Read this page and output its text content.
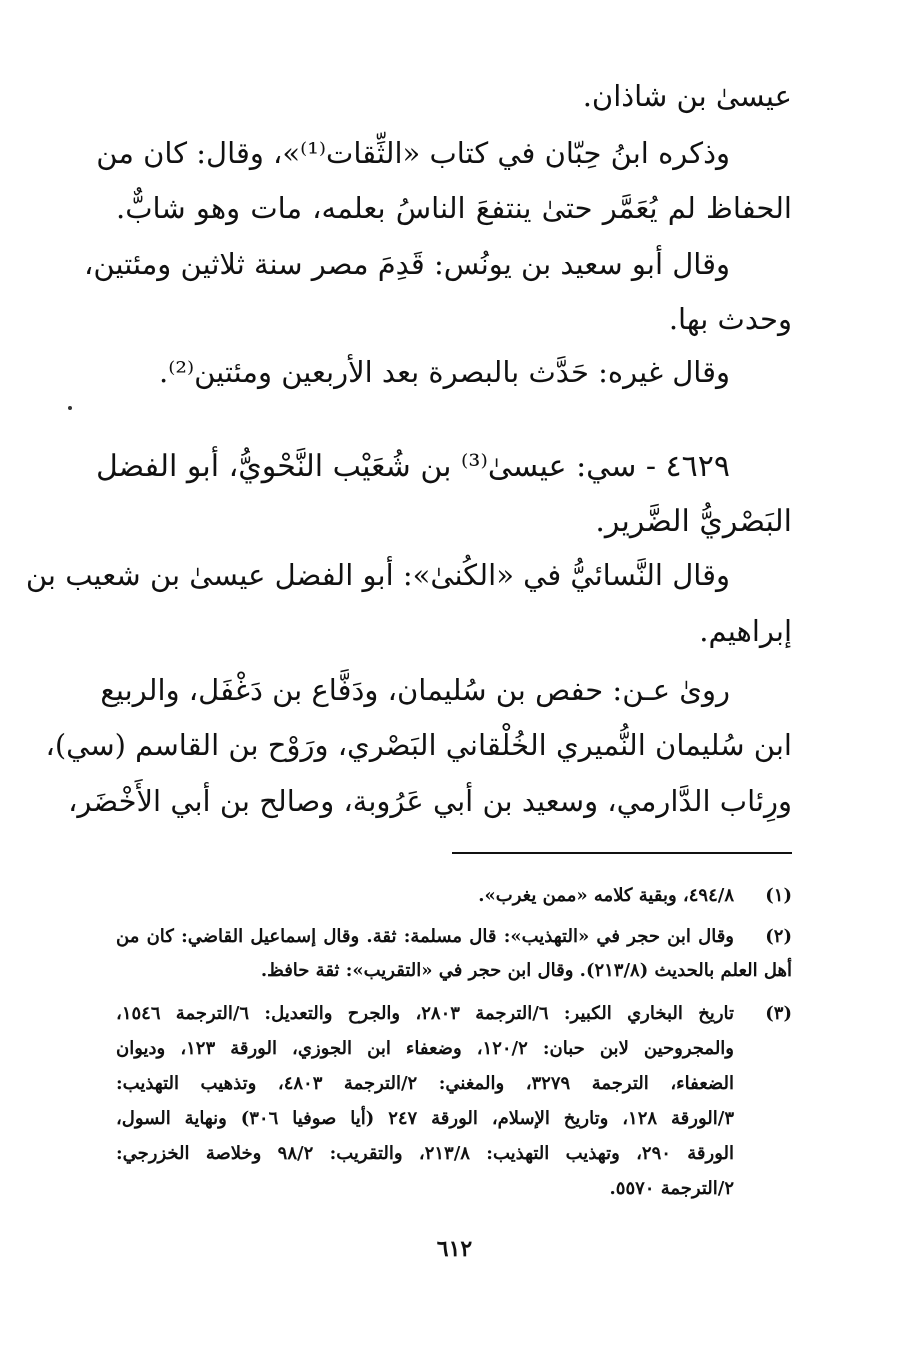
عيسىٰ بن شاذان.
وذكره ابنُ حِبّان في كتاب «الثِّقات⁽¹⁾»، وقال: كان من
الحفاظ لم يُعَمَّر حتىٰ ينتفعَ الناسُ بعلمه، مات وهو شابٌّ.
وقال أبو سعيد بن يونُس: قَدِمَ مصر سنة ثلاثين ومئتين،
وحدث بها.
وقال غيره: حَدَّث بالبصرة بعد الأربعين ومئتين⁽²⁾.
٤٦٢٩ - سي: عيسىٰ⁽³⁾ بن شُعَيْب النَّحْويُّ، أبو الفضل
البَصْريُّ الضَّرير.
وقال النَّسائيُّ في «الكُنىٰ»: أبو الفضل عيسىٰ بن شعيب بن
إبراهيم.
رویٰ عـن: حفص بن سُليمان، ودَفَّاع بن دَغْفَل، والربيع
ابن سُليمان النُّميري الخُلْقاني البَصْري، ورَوْح بن القاسم (سي)،
ورِئاب الدَّارمي، وسعيد بن أبي عَرُوبة، وصالح بن أبي الأَخْضَر،
(١)
٤٩٤/٨، وبقية كلامه «ممن يغرب».
(٢)
وقال ابن حجر في «التهذيب»: قال مسلمة: ثقة. وقال إسماعيل القاضي: كان من
أهل العلم بالحديث (٢١٣/٨). وقال ابن حجر في «التقريب»: ثقة حافظ.
(٣)
تاريخ البخاري الكبير: ٦/الترجمة ٢٨٠٣، والجرح والتعديل: ٦/الترجمة ١٥٤٦،
والمجروحين لابن حبان: ١٢٠/٢، وضعفاء ابن الجوزي، الورقة ١٢٣، وديوان
الضعفاء، الترجمة ٣٢٧٩، والمغني: ٢/الترجمة ٤٨٠٣، وتذهيب التهذيب:
٣/الورقة ١٢٨، وتاريخ الإسلام، الورقة ٢٤٧ (أيا صوفيا ٣٠٦) ونهاية السول،
الورقة ٢٩٠، وتهذيب التهذيب: ٢١٣/٨، والتقريب: ٩٨/٢ وخلاصة الخزرجي:
٢/الترجمة ٥٥٧٠.
٦١٢
